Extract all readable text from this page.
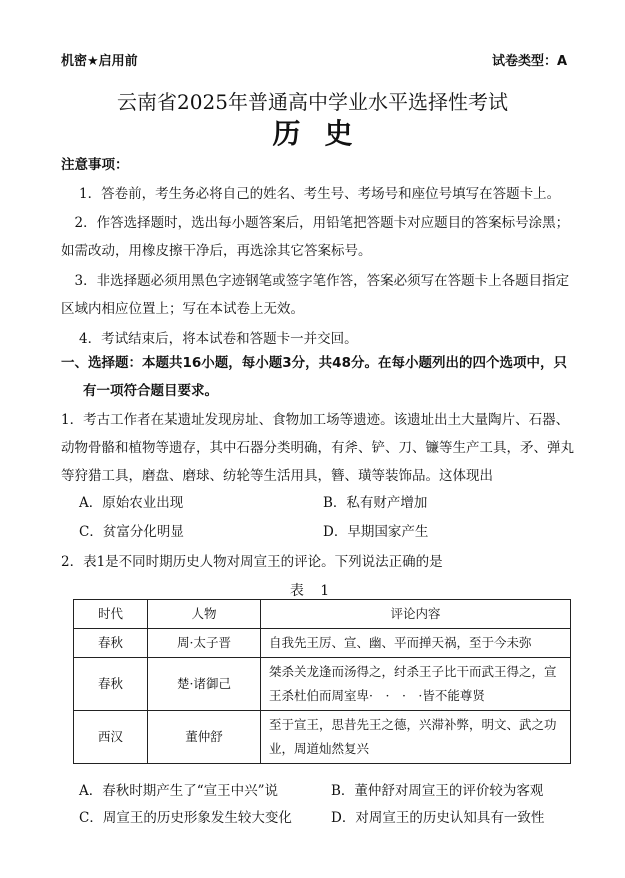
机密★启用前	试卷类型：A
云南省2025年普通高中学业水平选择性考试
历史
注意事项：
1．答卷前，考生务必将自己的姓名、考生号、考场号和座位号填写在答题卡上。
　2．作答选择题时，选出每小题答案后，用铅笔把答题卡对应题目的答案标号涂黑；如需改动，用橡皮擦干净后，再选涂其它答案标号。
　3．非选择题必须用黑色字迹钢笔或签字笔作答，答案必须写在答题卡上各题目指定区域内相应位置上；写在本试卷上无效。
4．考试结束后，将本试卷和答题卡一并交回。
一、选择题：本题共16小题，每小题3分，共48分。在每小题列出的四个选项中，只
有一项符合题目要求。
1．考古工作者在某遗址发现房址、食物加工场等遗迹。该遗址出土大量陶片、石器、动物骨骼和植物等遗存，其中石器分类明确，有斧、铲、刀、镰等生产工具，矛、弹丸等狩猎工具，磨盘、磨球、纺轮等生活用具，簪、璜等装饰品。这体现出
A．原始农业出现	B．私有财产增加
C．贫富分化明显	D．早期国家产生
2．表1是不同时期历史人物对周宣王的评论。下列说法正确的是
表 1
时代	人物	评论内容
春秋	周·太子晋	自我先王厉、宣、幽、平而掸天祸，至于今未弥
春秋	楚·诸御己	桀杀关龙逢而汤得之，纣杀王子比干而武王得之，宣王杀杜伯而周室卑·　·　·　·皆不能尊贤
西汉	董仲舒	至于宣王，思昔先王之德，兴滞补弊，明文、武之功业，周道灿然复兴
A．春秋时期产生了“宣王中兴”说	B．董仲舒对周宣王的评价较为客观
C．周宣王的历史形象发生较大变化	D．对周宣王的历史认知具有一致性
